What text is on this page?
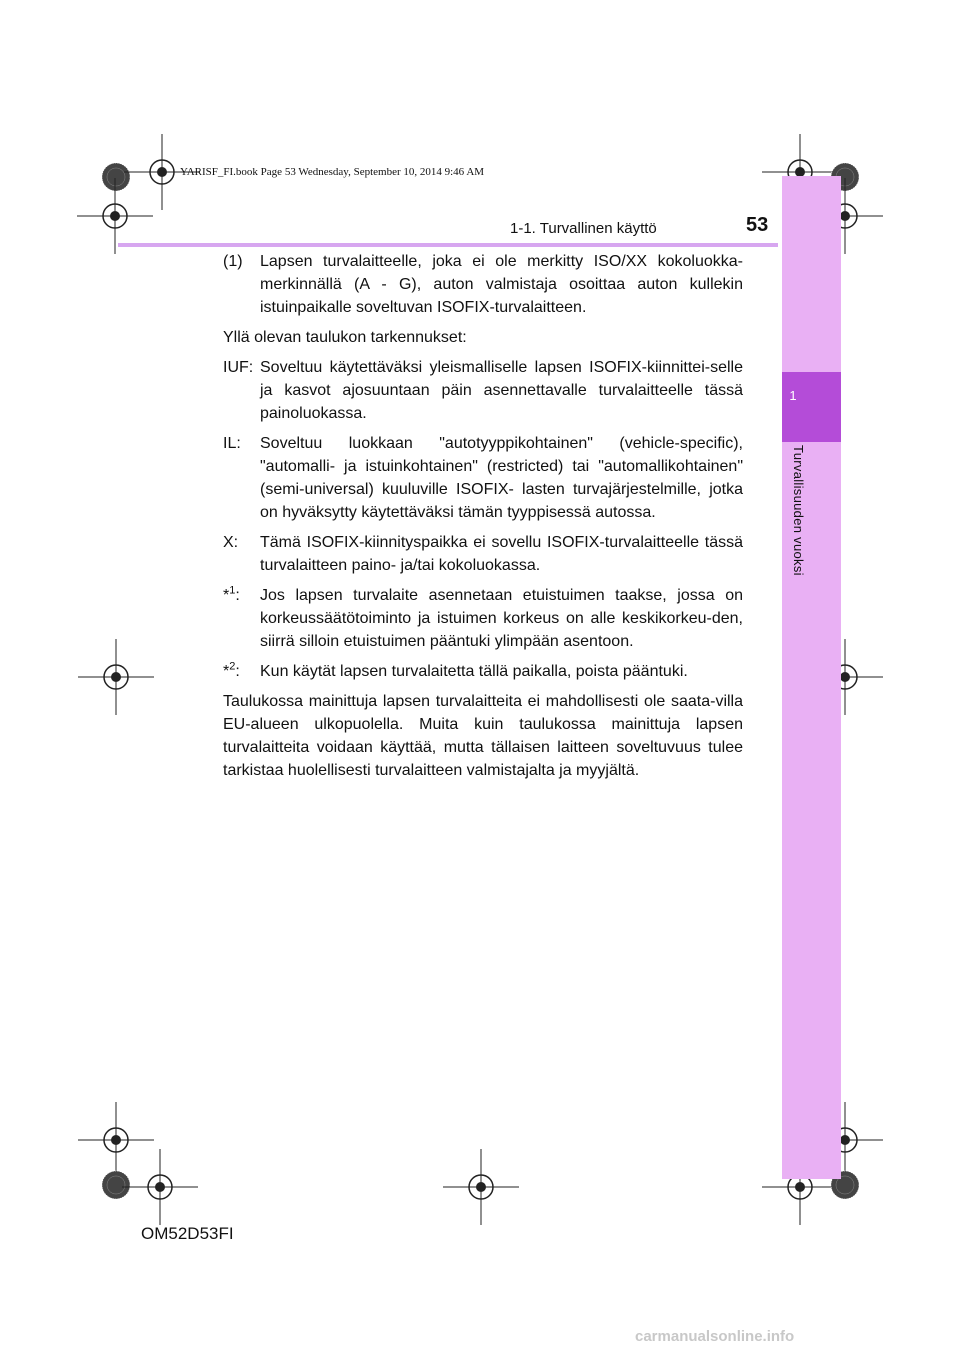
1
Turvallisuuden vuoksi
YARISF_FI.book Page 53 Wednesday, September 10, 2014 9:46 AM
1-1. Turvallinen käyttö	53
(1)	Lapsen turvalaitteelle, joka ei ole merkitty ISO/XX kokoluokka-merkinnällä (A - G), auton valmistaja osoittaa auton kullekin istuinpaikalle soveltuvan ISOFIX-turvalaitteen.
Yllä olevan taulukon tarkennukset:
IUF: Soveltuu käytettäväksi yleismalliselle lapsen ISOFIX-kiinnittei-selle ja kasvot ajosuuntaan päin asennettavalle turvalaitteelle tässä painoluokassa.
IL:	Soveltuu luokkaan "autotyyppikohtainen" (vehicle-specific), "automalli- ja istuinkohtainen" (restricted) tai "automallikohtainen" (semi-universal) kuuluville ISOFIX- lasten turvajärjestelmille, jotka on hyväksytty käytettäväksi tämän tyyppisessä autossa.
X:	Tämä ISOFIX-kiinnityspaikka ei sovellu ISOFIX-turvalaitteelle tässä turvalaitteen paino- ja/tai kokoluokassa.
*$^1$:	Jos lapsen turvalaite asennetaan etuistuimen taakse, jossa on korkeussäätötoiminto ja istuimen korkeus on alle keskikorkeu-den, siirrä silloin etuistuimen pääntuki ylimpään asentoon.
*$^2$:	Kun käytät lapsen turvalaitetta tällä paikalla, poista pääntuki.
Taulukossa mainittuja lapsen turvalaitteita ei mahdollisesti ole saata-villa EU-alueen ulkopuolella. Muita kuin taulukossa mainittuja lapsen turvalaitteita voidaan käyttää, mutta tällaisen laitteen soveltuvuus tulee tarkistaa huolellisesti turvalaitteen valmistajalta ja myyjältä.
OM52D53FI
carmanualsonline.info
